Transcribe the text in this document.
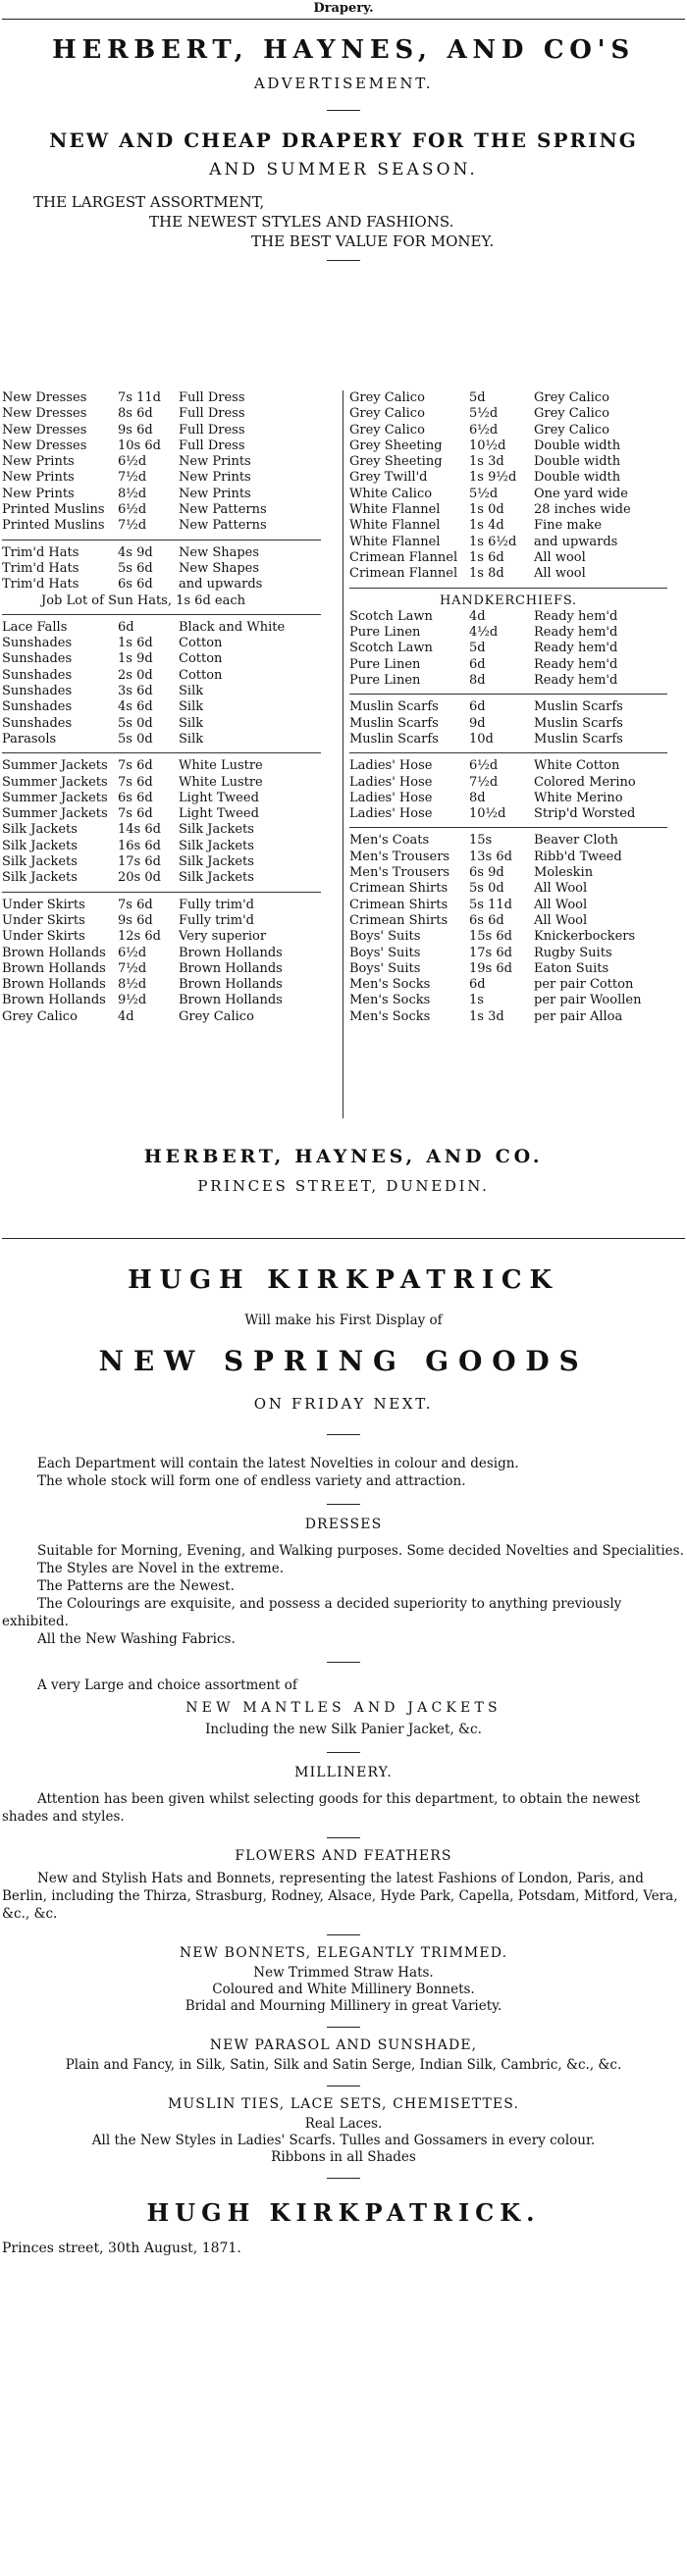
Drapery.
HERBERT, HAYNES, AND CO'S
ADVERTISEMENT.
NEW AND CHEAP DRAPERY FOR THE SPRING
AND SUMMER SEASON.
THE LARGEST ASSORTMENT,
THE NEWEST STYLES AND FASHIONS.
THE BEST VALUE FOR MONEY.
New Dresses	7s 11d	Full Dress
New Dresses	8s 6d	Full Dress
New Dresses	9s 6d	Full Dress
New Dresses	10s 6d	Full Dress
New Prints	6½d	New Prints
New Prints	7½d	New Prints
New Prints	8½d	New Prints
Printed Muslins	6½d	New Patterns
Printed Muslins	7½d	New Patterns
Trim'd Hats	4s 9d	New Shapes
Trim'd Hats	5s 6d	New Shapes
Trim'd Hats	6s 6d	and upwards
Job Lot of Sun Hats, 1s 6d each
Lace Falls	6d	Black and White
Sunshades	1s 6d	Cotton
Sunshades	1s 9d	Cotton
Sunshades	2s 0d	Cotton
Sunshades	3s 6d	Silk
Sunshades	4s 6d	Silk
Sunshades	5s 0d	Silk
Parasols	5s 0d	Silk
Summer Jackets 7s 6d	White Lustre
Summer Jackets 7s 6d	White Lustre
Summer Jackets 6s 6d	Light Tweed
Summer Jackets 7s 6d	Light Tweed
Silk Jackets	14s 6d	Silk Jackets
Silk Jackets	16s 6d	Silk Jackets
Silk Jackets	17s 6d	Silk Jackets
Silk Jackets	20s 0d	Silk Jackets
Under Skirts	7s 6d	Fully trim'd
Under Skirts	9s 6d	Fully trim'd
Under Skirts	12s 6d	Very superior
Brown Hollands 6½d	Brown Hollands
Brown Hollands 7½d	Brown Hollands
Brown Hollands 8½d	Brown Hollands
Brown Hollands 9½d	Brown Hollands
Grey Calico	4d	Grey Calico
Grey Calico	5d	Grey Calico
Grey Calico	5½d	Grey Calico
Grey Calico	6½d	Grey Calico
Grey Sheeting	10½d	Double width
Grey Sheeting	1s 3d	Double width
Grey Twill'd	1s 9½d	Double width
White Calico	5½d	One yard wide
White Flannel	1s 0d	28 inches wide
White Flannel	1s 4d	Fine make
White Flannel	1s 6½d	and upwards
Crimean Flannel 1s 6d	All wool
Crimean Flannel 1s 8d	All wool
HANDKERCHIEFS.
Scotch Lawn	4d	Ready hem'd
Pure Linen	4½d	Ready hem'd
Scotch Lawn	5d	Ready hem'd
Pure Linen	6d	Ready hem'd
Pure Linen	8d	Ready hem'd
Muslin Scarfs	6d	Muslin Scarfs
Muslin Scarfs	9d	Muslin Scarfs
Muslin Scarfs	10d	Muslin Scarfs
Ladies' Hose	6½d	White Cotton
Ladies' Hose	7½d	Colored Merino
Ladies' Hose	8d	White Merino
Ladies' Hose	10½d	Strip'd Worsted
Men's Coats	15s	Beaver Cloth
Men's Trousers	13s 6d	Ribb'd Tweed
Men's Trousers	6s 9d	Moleskin
Crimean Shirts	5s 0d	All Wool
Crimean Shirts	5s 11d	All Wool
Crimean Shirts	6s 6d	All Wool
Boys' Suits	15s 6d	Knickerbockers
Boys' Suits	17s 6d	Rugby Suits
Boys' Suits	19s 6d	Eaton Suits
Men's Socks	6d	per pair Cotton
Men's Socks	1s	per pair Woollen
Men's Socks	1s 3d	per pair Alloa
HERBERT, HAYNES, AND CO.
PRINCES STREET, DUNEDIN.
HUGH KIRKPATRICK
Will make his First Display of
NEW SPRING GOODS
ON FRIDAY NEXT.

Each Department will contain the latest Novelties in colour and design.

The whole stock will form one of endless variety and attraction.

DRESSES

Suitable for Morning, Evening, and Walking purposes. Some decided Novelties and Specialities.

The Styles are Novel in the extreme.

The Patterns are the Newest.

The Colourings are exquisite, and possess a decided superiority to anything previously exhibited.

All the New Washing Fabrics.

A very Large and choice assortment of

NEW MANTLES AND JACKETS
Including the new Silk Panier Jacket, &c.
MILLINERY.

Attention has been given whilst selecting goods for this department, to obtain the newest shades and styles.

FLOWERS AND FEATHERS

New and Stylish Hats and Bonnets, representing the latest Fashions of London, Paris, and Berlin, including the Thirza, Strasburg, Rodney, Alsace, Hyde Park, Capella, Potsdam, Mitford, Vera, &c., &c.

NEW BONNETS, ELEGANTLY TRIMMED.
New Trimmed Straw Hats.
Coloured and White Millinery Bonnets.
Bridal and Mourning Millinery in great Variety.
NEW PARASOL AND SUNSHADE,
Plain and Fancy, in Silk, Satin, Silk and Satin Serge, Indian Silk, Cambric, &c., &c.
MUSLIN TIES, LACE SETS, CHEMISETTES.
Real Laces.
All the New Styles in Ladies' Scarfs. Tulles and Gossamers in every colour.
Ribbons in all Shades
HUGH KIRKPATRICK.
Princes street, 30th August, 1871.
